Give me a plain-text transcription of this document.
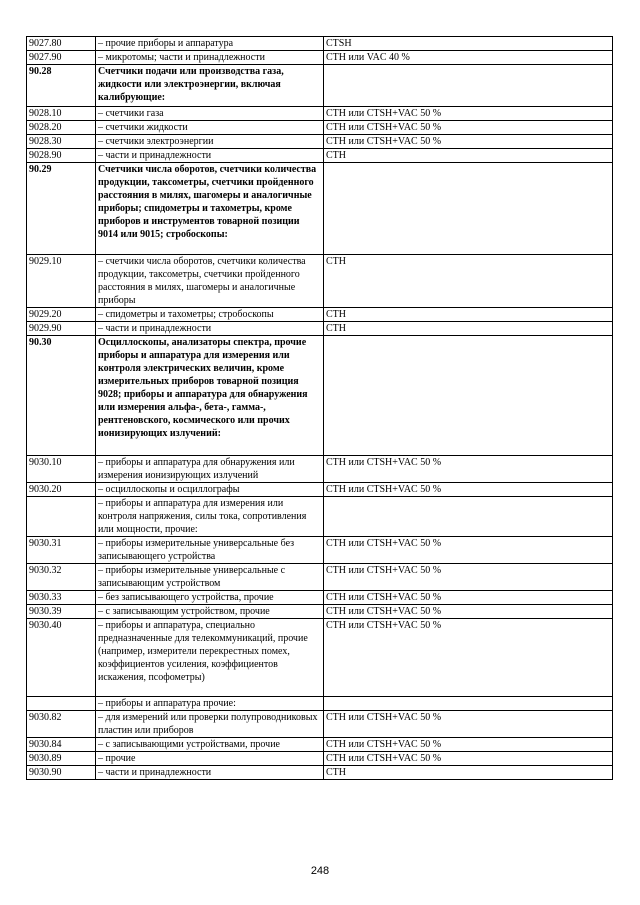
9027.80	– прочие приборы и аппаратура	CTSH
9027.90	– микротомы; части и принадлежности	СТН или VAC 40 %
90.28	Счетчики подачи или производства газа, жидкости или электроэнергии, включая калибрующие:	
9028.10	– счетчики газа	СТН или CTSH+VAC 50 %
9028.20	– счетчики жидкости	СТН или CTSH+VAC 50 %
9028.30	– счетчики электроэнергии	СТН или CTSH+VAC 50 %
9028.90	– части и принадлежности	СТН
90.29	Счетчики числа оборотов, счетчики количества продукции, таксометры, счетчики пройденного расстояния в милях, шагомеры и аналогичные приборы; спидометры и тахометры, кроме приборов и инструментов товарной позиции 9014 или 9015; стробоскопы:	
9029.10	– счетчики числа оборотов, счетчики количества продукции, таксометры, счетчики пройденного расстояния в милях, шагомеры и аналогичные приборы	СТН
9029.20	– спидометры и тахометры; стробоскопы	СТН
9029.90	– части и принадлежности	СТН
90.30	Осциллоскопы, анализаторы спектра, прочие приборы и аппаратура для измерения или контроля электрических величин, кроме измерительных приборов товарной позиция 9028; приборы и аппаратура для обнаружения или измерения альфа-, бета-, гамма-, рентгеновского, космического или прочих ионизирующих излучений:	
9030.10	– приборы и аппаратура для обнаружения или измерения ионизирующих излучений	СТН или CTSH+VAC 50 %
9030.20	– осциллоскопы и осциллографы	СТН или CTSH+VAC 50 %
	– приборы и аппаратура для измерения или контроля напряжения, силы тока, сопротивления или мощности, прочие:	
9030.31	– приборы измерительные универсальные без записывающего устройства	СТН или CTSH+VAC 50 %
9030.32	– приборы измерительные универсальные с записывающим устройством	СТН или CTSH+VAC 50 %
9030.33	– без записывающего устройства, прочие	СТН или CTSH+VAC 50 %
9030.39	– с записывающим устройством, прочие	СТН или CTSH+VAC 50 %
9030.40	– приборы и аппаратура, специально предназначенные для телекоммуникаций, прочие (например, измерители перекрестных помех, коэффициентов усиления, коэффициентов искажения, псофометры)	СТН или CTSH+VAC 50 %
	– приборы и аппаратура прочие:	
9030.82	– для измерений или проверки полупроводниковых пластин или приборов	СТН или CTSH+VAC 50 %
9030.84	– с записывающими устройствами, прочие	СТН или CTSH+VAC 50 %
9030.89	– прочие	СТН или CTSH+VAC 50 %
9030.90	– части и принадлежности	СТН
248
